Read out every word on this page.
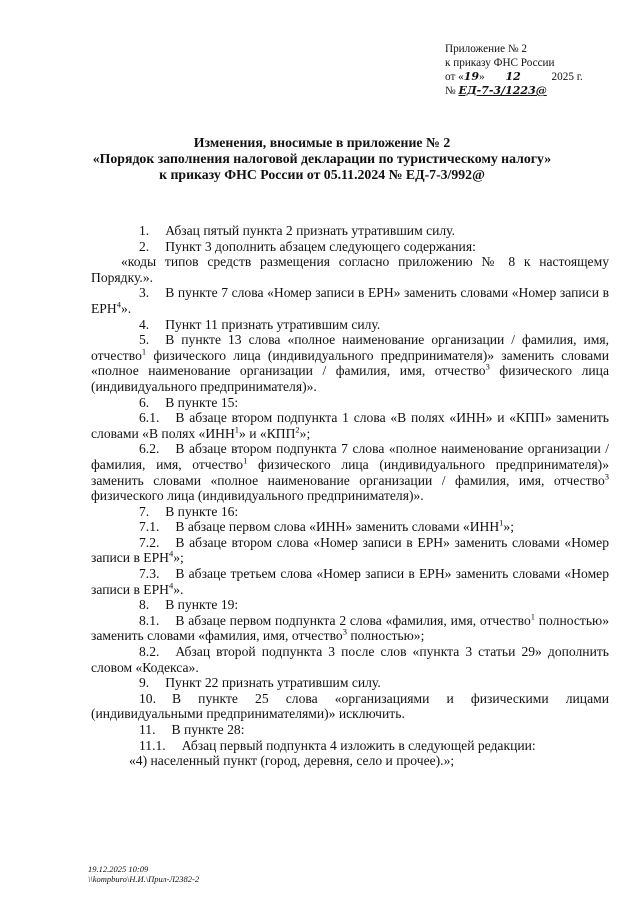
Приложение № 2
к приказу ФНС России
от «19» 12	2025 г.
№ ЕД-7-3/1223@
Изменения, вносимые в приложение № 2
«Порядок заполнения налоговой декларации по туристическому налогу»
к приказу ФНС России от 05.11.2024 № ЕД-7-3/992@

1. Абзац пятый пункта 2 признать утратившим силу.

2. Пункт 3 дополнить абзацем следующего содержания:

«коды типов средств размещения согласно приложению № 8 к настоящему Порядку.».

3. В пункте 7 слова «Номер записи в ЕРН» заменить словами «Номер записи в ЕРН$^4$».

4. Пункт 11 признать утратившим силу.

5. В пункте 13 слова «полное наименование организации / фамилия, имя, отчество$^1$ физического лица (индивидуального предпринимателя)» заменить словами «полное наименование организации / фамилия, имя, отчество$^3$ физического лица (индивидуального предпринимателя)».

6. В пункте 15:

6.1. В абзаце втором подпункта 1 слова «В полях «ИНН» и «КПП» заменить словами «В полях «ИНН$^1$» и «КПП$^2$»;

6.2. В абзаце втором подпункта 7 слова «полное наименование организации / фамилия, имя, отчество$^1$ физического лица (индивидуального предпринимателя)» заменить словами «полное наименование организации / фамилия, имя, отчество$^3$ физического лица (индивидуального предпринимателя)».

7. В пункте 16:

7.1. В абзаце первом слова «ИНН» заменить словами «ИНН$^1$»;

7.2. В абзаце втором слова «Номер записи в ЕРН» заменить словами «Номер записи в ЕРН$^4$»;

7.3. В абзаце третьем слова «Номер записи в ЕРН» заменить словами «Номер записи в ЕРН$^4$».

8. В пункте 19:

8.1. В абзаце первом подпункта 2 слова «фамилия, имя, отчество$^1$ полностью» заменить словами «фамилия, имя, отчество$^3$ полностью»;

8.2. Абзац второй подпункта 3 после слов «пункта 3 статьи 29» дополнить словом «Кодекса».

9. Пункт 22 признать утратившим силу.

10. В пункте 25 слова «организациями и физическими лицами (индивидуальными предпринимателями)» исключить.

11. В пункте 28:

11.1. Абзац первый подпункта 4 изложить в следующей редакции:

«4) населенный пункт (город, деревня, село и прочее).»;

19.12.2025 10:09
\\kompburo\Н.И.\Прил-Л2382-2
